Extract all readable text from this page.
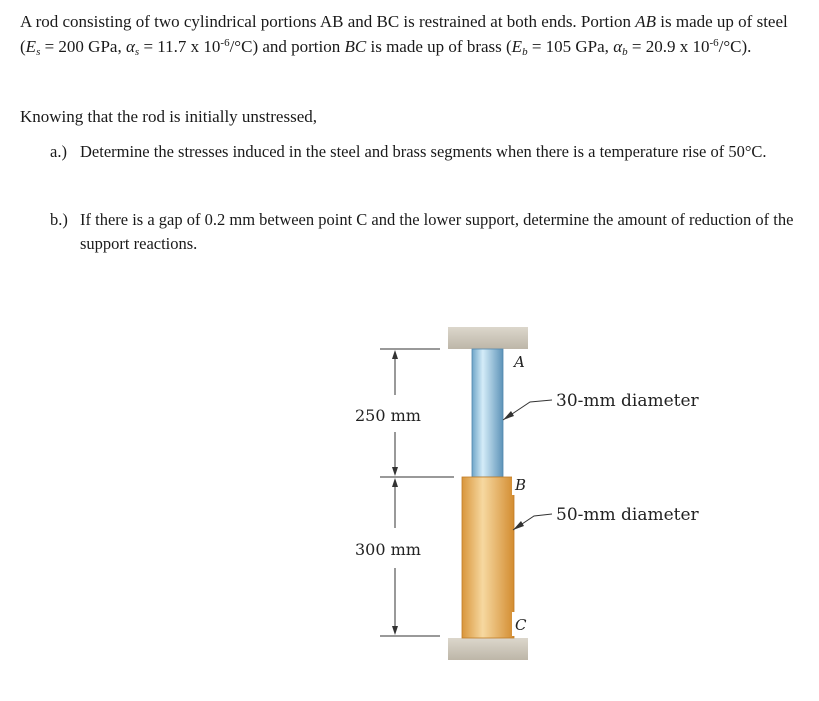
A rod consisting of two cylindrical portions AB and BC is restrained at both ends. Portion AB is made up of steel ($E_s = 200$ GPa, $\alpha_s = 11.7$ x $10^{-6}/^\circ C$) and portion BC is made up of brass ($E_b = 105$ GPa, $\alpha_b = 20.9$ x $10^{-6}/^\circ C$).
Knowing that the rod is initially unstressed,
a.) Determine the stresses induced in the steel and brass segments when there is a temperature rise of 50°C.
b.) If there is a gap of 0.2 mm between point C and the lower support, determine the amount of reduction of the support reactions.
A
B
C
250 mm
300 mm
30-mm diameter
50-mm diameter
